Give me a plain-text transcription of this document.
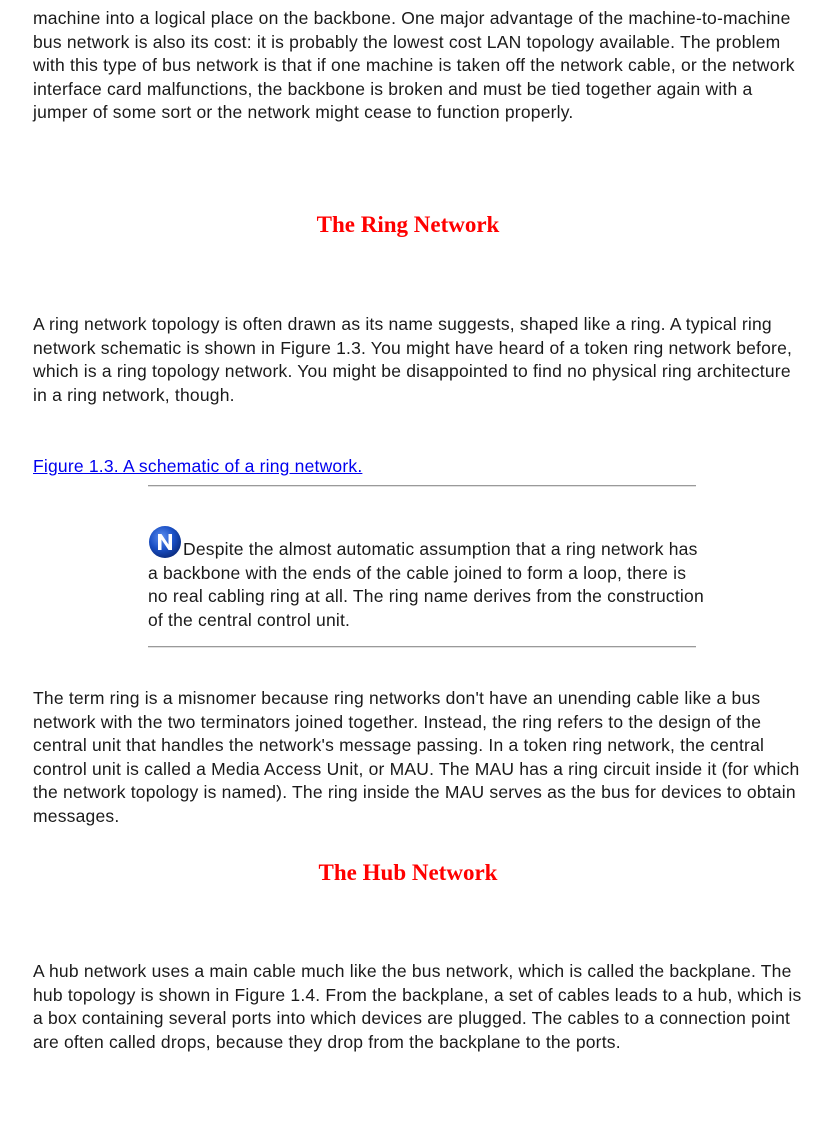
machine into a logical place on the backbone. One major advantage of the machine-to-machine bus network is also its cost: it is probably the lowest cost LAN topology available. The problem with this type of bus network is that if one machine is taken off the network cable, or the network interface card malfunctions, the backbone is broken and must be tied together again with a jumper of some sort or the network might cease to function properly.

The Ring Network

A ring network topology is often drawn as its name suggests, shaped like a ring. A typical ring network schematic is shown in Figure 1.3. You might have heard of a token ring network before, which is a ring topology network. You might be disappointed to find no physical ring architecture in a ring network, though.

Figure 1.3. A schematic of a ring network.
Despite the almost automatic assumption that a ring network has a backbone with the ends of the cable joined to form a loop, there is no real cabling ring at all. The ring name derives from the construction of the central control unit.

The term ring is a misnomer because ring networks don't have an unending cable like a bus network with the two terminators joined together. Instead, the ring refers to the design of the central unit that handles the network's message passing. In a token ring network, the central control unit is called a Media Access Unit, or MAU. The MAU has a ring circuit inside it (for which the network topology is named). The ring inside the MAU serves as the bus for devices to obtain messages.

The Hub Network

A hub network uses a main cable much like the bus network, which is called the backplane. The hub topology is shown in Figure 1.4. From the backplane, a set of cables leads to a hub, which is a box containing several ports into which devices are plugged. The cables to a connection point are often called drops, because they drop from the backplane to the ports.
